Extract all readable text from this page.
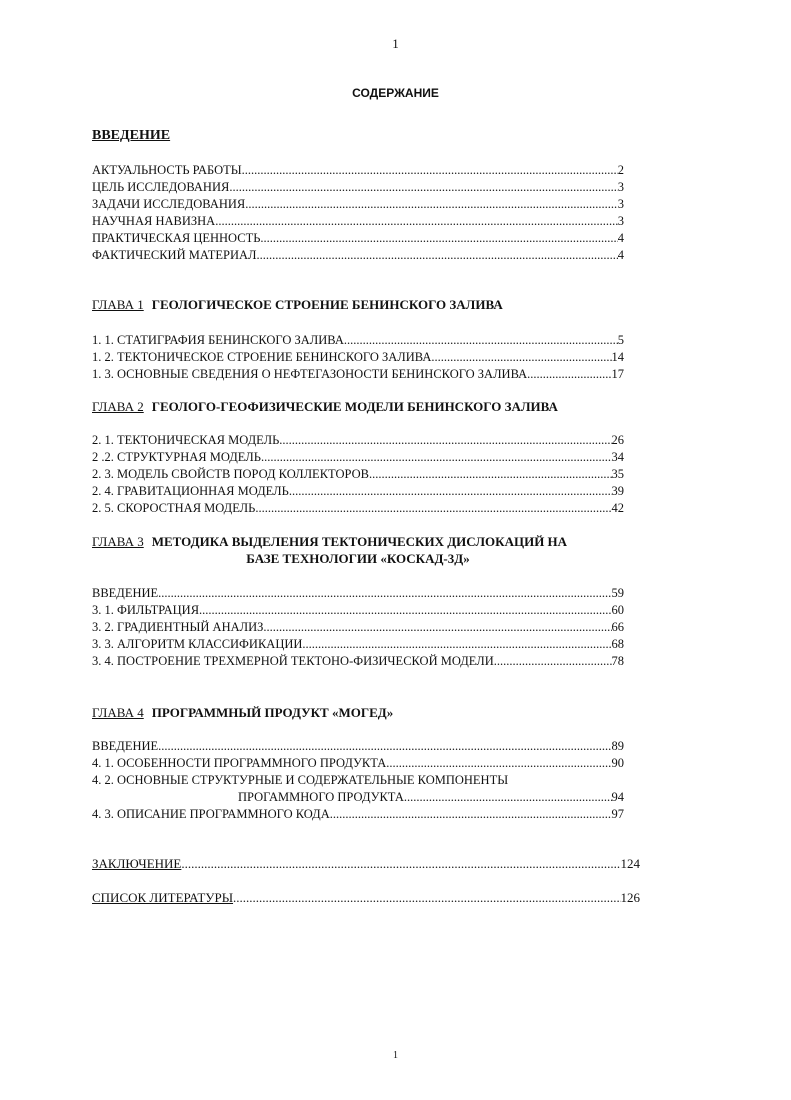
1
СОДЕРЖАНИЕ
ВВЕДЕНИЕ
АКТУАЛЬНОСТЬ РАБОТЫ .....	2
ЦЕЛЬ ИССЛЕДОВАНИЯ .....	3
ЗАДАЧИ ИССЛЕДОВАНИЯ .....	3
НАУЧНАЯ НАВИЗНА .....	3
ПРАКТИЧЕСКАЯ ЦЕННОСТЬ .....	4
ФАКТИЧЕСКИЙ МАТЕРИАЛ .....	4
ГЛАВА 1 ГЕОЛОГИЧЕСКОЕ СТРОЕНИЕ БЕНИНСКОГО ЗАЛИВА
1. 1. СТАТИГРАФИЯ БЕНИНСКОГО ЗАЛИВА .....	5
1. 2. ТЕКТОНИЧЕСКОЕ СТРОЕНИЕ БЕНИНСКОГО ЗАЛИВА .....	14
1. 3. ОСНОВНЫЕ СВЕДЕНИЯ О НЕФТЕГАЗОНОСТИ БЕНИНСКОГО ЗАЛИВА .....	17
ГЛАВА 2 ГЕОЛОГО-ГЕОФИЗИЧЕСКИЕ МОДЕЛИ БЕНИНСКОГО ЗАЛИВА
2. 1. ТЕКТОНИЧЕСКАЯ МОДЕЛЬ .....	26
2 .2. СТРУКТУРНАЯ МОДЕЛЬ .....	34
2. 3. МОДЕЛЬ СВОЙСТВ ПОРОД КОЛЛЕКТОРОВ .....	35
2. 4. ГРАВИТАЦИОННАЯ МОДЕЛЬ .....	39
2. 5. СКОРОСТНАЯ МОДЕЛЬ .....	42
ГЛАВА 3 МЕТОДИКА ВЫДЕЛЕНИЯ ТЕКТОНИЧЕСКИХ ДИСЛОКАЦИЙ НА
БАЗЕ ТЕХНОЛОГИИ «КОСКАД-3Д»
ВВЕДЕНИЕ .....	59
3. 1. ФИЛЬТРАЦИЯ .....	60
3. 2. ГРАДИЕНТНЫЙ АНАЛИЗ .....	66
3. 3. АЛГОРИТМ КЛАССИФИКАЦИИ .....	68
3. 4. ПОСТРОЕНИЕ ТРЕХМЕРНОЙ ТЕКТОНО-ФИЗИЧЕСКОЙ МОДЕЛИ .....	78
ГЛАВА 4 ПРОГРАММНЫЙ ПРОДУКТ «МОГЕД»
ВВЕДЕНИЕ .....	89
4. 1. ОСОБЕННОСТИ ПРОГРАММНОГО ПРОДУКТА .....	90
4. 2. ОСНОВНЫЕ СТРУКТУРНЫЕ И СОДЕРЖАТЕЛЬНЫЕ КОМПОНЕНТЫ
ПРОГАММНОГО ПРОДУКТА .....	94
4. 3. ОПИСАНИЕ ПРОГРАММНОГО КОДА .....	97
ЗАКЛЮЧЕНИЕ .....	124
СПИСОК ЛИТЕРАТУРЫ .....	126
1
